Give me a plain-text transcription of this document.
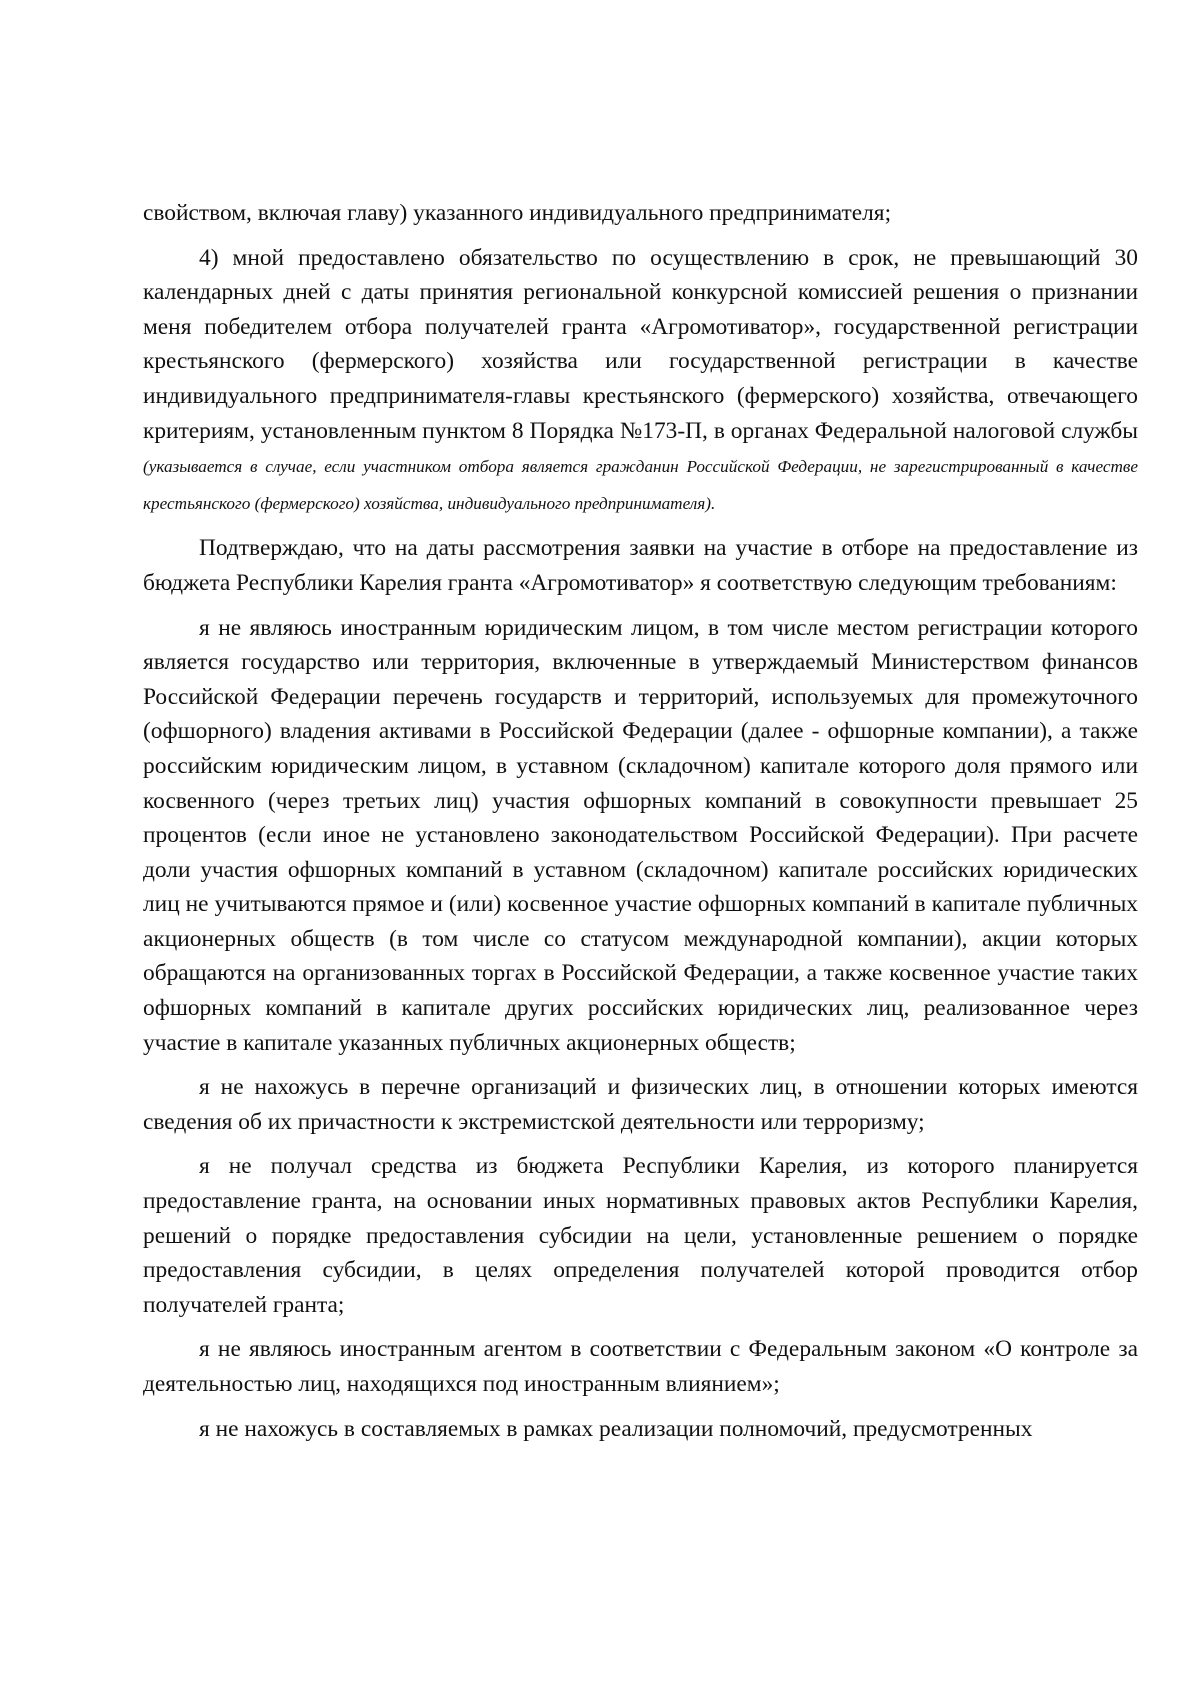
свойством, включая главу) указанного индивидуального предпринимателя;

4) мной предоставлено обязательство по осуществлению в срок, не превышающий 30 календарных дней с даты принятия региональной конкурсной комиссией решения о признании меня победителем отбора получателей гранта «Агромотиватор», государственной регистрации крестьянского (фермерского) хозяйства или государственной регистрации в качестве индивидуального предпринимателя-главы крестьянского (фермерского) хозяйства, отвечающего критериям, установленным пунктом 8 Порядка №173-П, в органах Федеральной налоговой службы (указывается в случае, если участником отбора является гражданин Российской Федерации, не зарегистрированный в качестве крестьянского (фермерского) хозяйства, индивидуального предпринимателя).

Подтверждаю, что на даты рассмотрения заявки на участие в отборе на предоставление из бюджета Республики Карелия гранта «Агромотиватор» я соответствую следующим требованиям:

я не являюсь иностранным юридическим лицом, в том числе местом регистрации которого является государство или территория, включенные в утверждаемый Министерством финансов Российской Федерации перечень государств и территорий, используемых для промежуточного (офшорного) владения активами в Российской Федерации (далее - офшорные компании), а также российским юридическим лицом, в уставном (складочном) капитале которого доля прямого или косвенного (через третьих лиц) участия офшорных компаний в совокупности превышает 25 процентов (если иное не установлено законодательством Российской Федерации). При расчете доли участия офшорных компаний в уставном (складочном) капитале российских юридических лиц не учитываются прямое и (или) косвенное участие офшорных компаний в капитале публичных акционерных обществ (в том числе со статусом международной компании), акции которых обращаются на организованных торгах в Российской Федерации, а также косвенное участие таких офшорных компаний в капитале других российских юридических лиц, реализованное через участие в капитале указанных публичных акционерных обществ;

я не нахожусь в перечне организаций и физических лиц, в отношении которых имеются сведения об их причастности к экстремистской деятельности или терроризму;

я не получал средства из бюджета Республики Карелия, из которого планируется предоставление гранта, на основании иных нормативных правовых актов Республики Карелия, решений о порядке предоставления субсидии на цели, установленные решением о порядке предоставления субсидии, в целях определения получателей которой проводится отбор получателей гранта;

я не являюсь иностранным агентом в соответствии с Федеральным законом «О контроле за деятельностью лиц, находящихся под иностранным влиянием»;

я не нахожусь в составляемых в рамках реализации полномочий, предусмотренных
